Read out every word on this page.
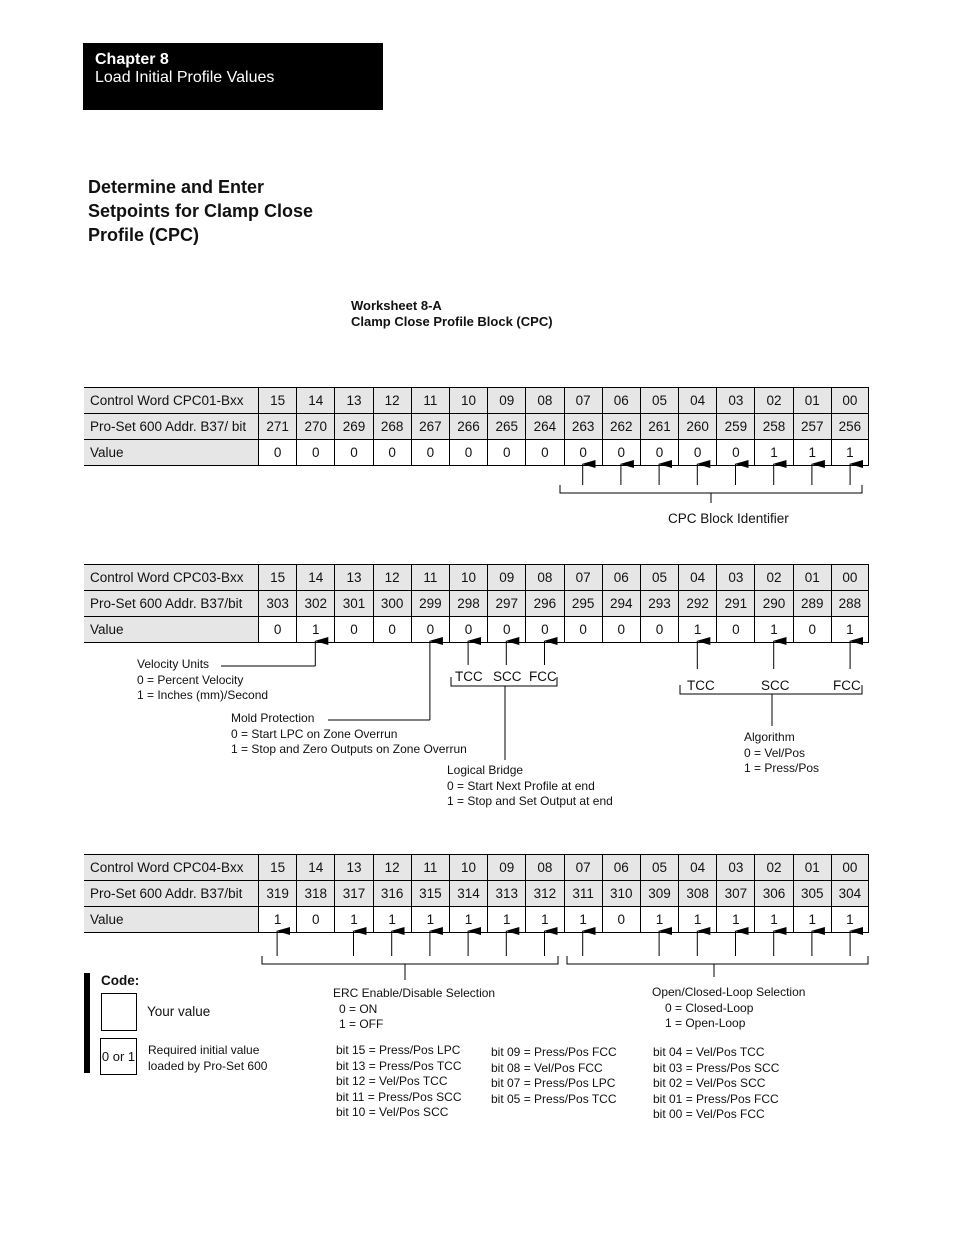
Chapter 8
Load Initial Profile Values
Determine and Enter Setpoints for Clamp Close Profile (CPC)
Worksheet 8-A
Clamp Close Profile Block (CPC)
Control Word CPC01-Bxx	15	14	13	12	11	10	09	08	07	06	05	04	03	02	01	00
Pro-Set 600 Addr. B37/ bit	271	270	269	268	267	266	265	264	263	262	261	260	259	258	257	256
Value	0	0	0	0	0	0	0	0	0	0	0	0	0	1	1	1
Control Word CPC03-Bxx	15	14	13	12	11	10	09	08	07	06	05	04	03	02	01	00
Pro-Set 600 Addr. B37/bit	303	302	301	300	299	298	297	296	295	294	293	292	291	290	289	288
Value	0	1	0	0	0	0	0	0	0	0	0	1	0	1	0	1
Control Word CPC04-Bxx	15	14	13	12	11	10	09	08	07	06	05	04	03	02	01	00
Pro-Set 600 Addr. B37/bit	319	318	317	316	315	314	313	312	311	310	309	308	307	306	305	304
Value	1	0	1	1	1	1	1	1	1	0	1	1	1	1	1	1
CPC Block Identifier
Velocity Units
0 = Percent Velocity
1 = Inches (mm)/Second
Mold Protection
0 = Start LPC on Zone Overrun
1 = Stop and Zero Outputs on Zone Overrun
Logical Bridge
0 = Start Next Profile at end
1 = Stop and Set Output at end
TCC SCC FCC
TCC	SCC	FCC
Algorithm
0 = Vel/Pos
1 = Press/Pos
ERC Enable/Disable Selection
0 = ON
1 = OFF
Open/Closed-Loop Selection
0 = Closed-Loop
1 = Open-Loop
bit 15 = Press/Pos LPC
bit 13 = Press/Pos TCC
bit 12 = Vel/Pos TCC
bit 11 = Press/Pos SCC
bit 10 = Vel/Pos SCC
bit 09 = Press/Pos FCC
bit 08 = Vel/Pos FCC
bit 07 = Press/Pos LPC
bit 05 = Press/Pos TCC
bit 04 = Vel/Pos TCC
bit 03 = Press/Pos SCC
bit 02 = Vel/Pos SCC
bit 01 = Press/Pos FCC
bit 00 = Vel/Pos FCC
Code:
Your value
0 or 1 Required initial value
loaded by Pro-Set 600
